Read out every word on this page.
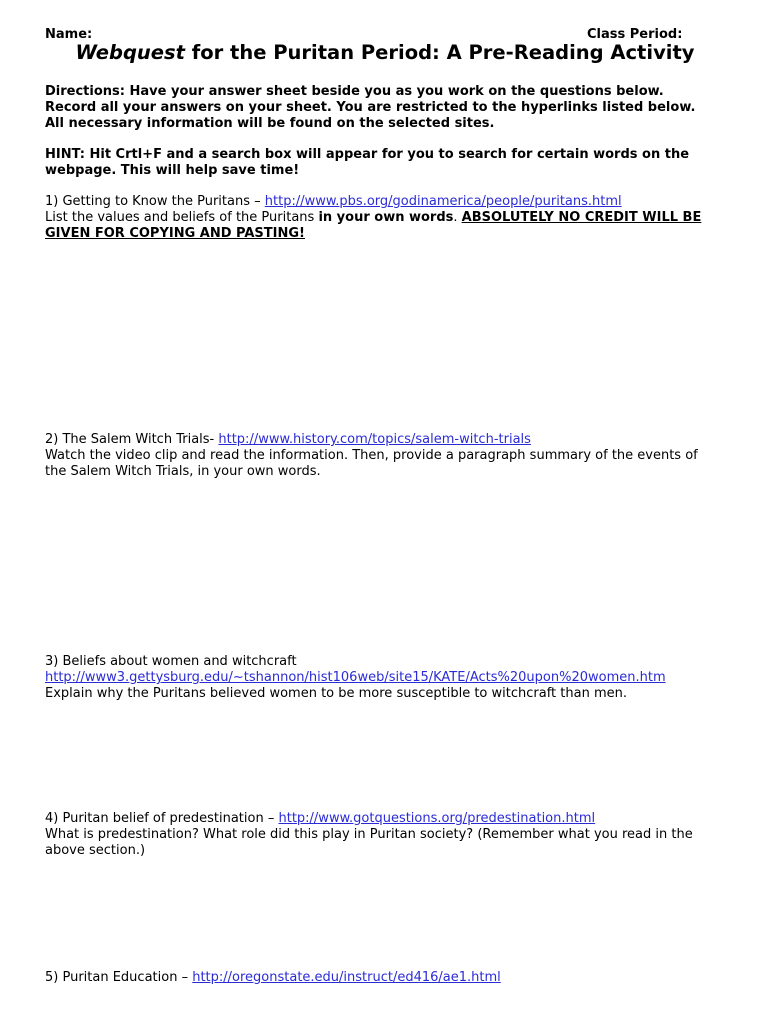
Name:	Class Period:
Webquest for the Puritan Period: A Pre-Reading Activity
Directions: Have your answer sheet beside you as you work on the questions below.
Record all your answers on your sheet. You are restricted to the hyperlinks listed below.
All necessary information will be found on the selected sites.
HINT: Hit Crtl+F and a search box will appear for you to search for certain words on the
webpage. This will help save time!
1) Getting to Know the Puritans – http://www.pbs.org/godinamerica/people/puritans.html
List the values and beliefs of the Puritans in your own words. ABSOLUTELY NO CREDIT WILL BE
GIVEN FOR COPYING AND PASTING!
2) The Salem Witch Trials- http://www.history.com/topics/salem-witch-trials
Watch the video clip and read the information. Then, provide a paragraph summary of the events of
the Salem Witch Trials, in your own words.
3) Beliefs about women and witchcraft
http://www3.gettysburg.edu/~tshannon/hist106web/site15/KATE/Acts%20upon%20women.htm
Explain why the Puritans believed women to be more susceptible to witchcraft than men.
4) Puritan belief of predestination – http://www.gotquestions.org/predestination.html
What is predestination? What role did this play in Puritan society? (Remember what you read in the
above section.)
5) Puritan Education – http://oregonstate.edu/instruct/ed416/ae1.html
